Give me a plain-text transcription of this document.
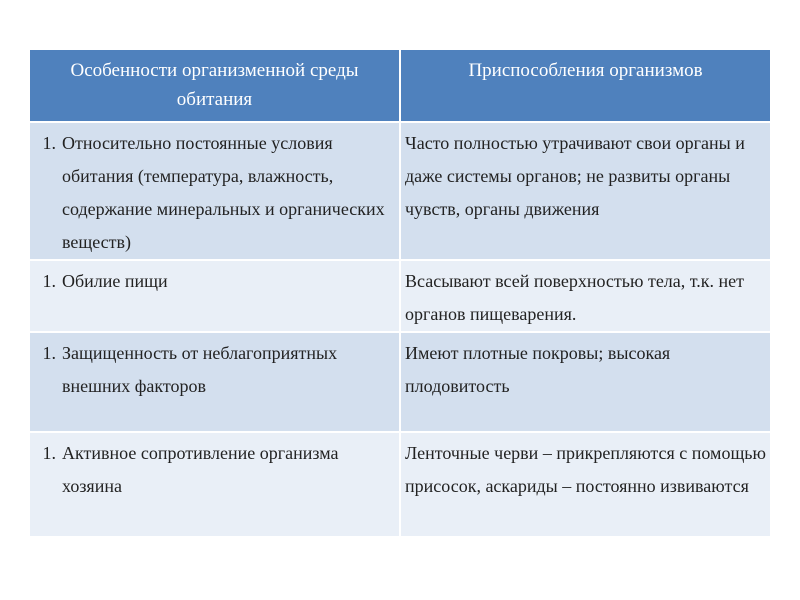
Особенности организменной среды обитания	Приспособления организмов

1. Относительно постоянные условия обитания (температура, влажность, содержание минеральных и органических веществ)	Часто полностью утрачивают свои органы и даже системы органов; не развиты органы чувств, органы движения

1. Обилие пищи	Всасывают всей поверхностью тела, т.к. нет органов пищеварения.

1. Защищенность от неблагоприятных внешних факторов	Имеют плотные покровы; высокая плодовитость

1. Активное сопротивление организма хозяина	Ленточные черви – прикрепляются с помощью присосок, аскариды – постоянно извиваются
